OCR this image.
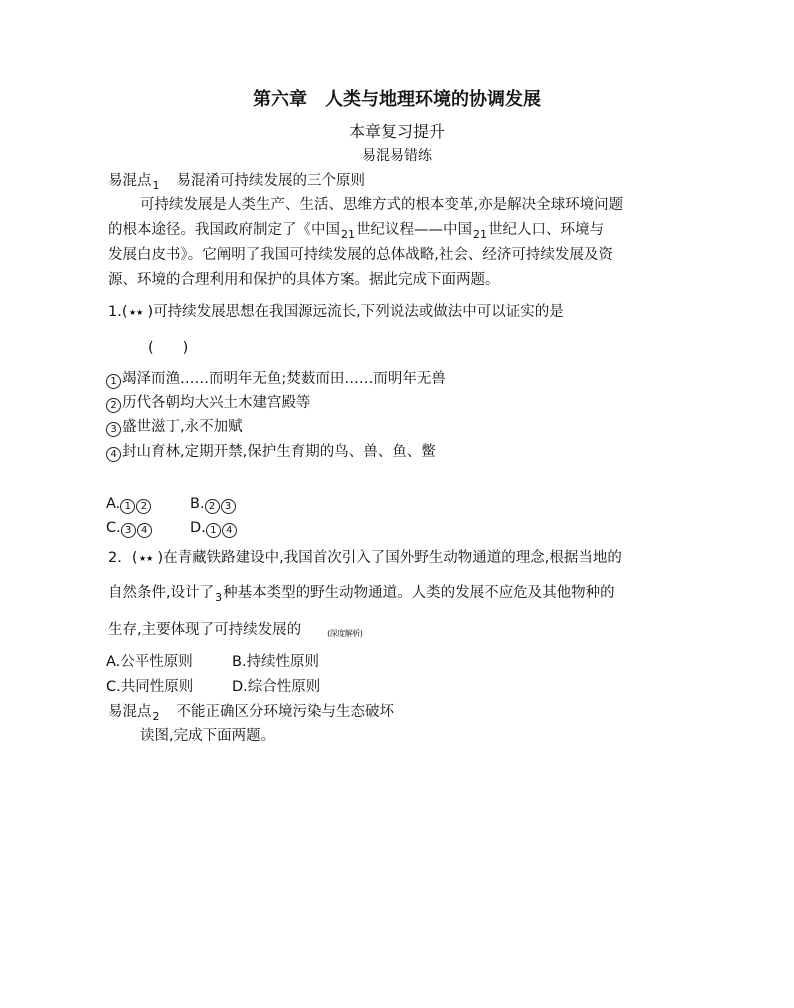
第六章　人类与地理环境的协调发展
本章复习提升
易混易错练
易混点$_1$ 易混淆可持续发展的三个原则
可持续发展是人类生产、生活、思维方式的根本变革,亦是解决全球环境问题
的根本途径。我国政府制定了《中国$_{21}$世纪议程——中国$_{21}$世纪人口、环境与
发展白皮书》。它阐明了我国可持续发展的总体战略,社会、经济可持续发展及资
源、环境的合理利用和保护的具体方案。据此完成下面两题。
1.( ★★ )可持续发展思想在我国源远流长,下列说法或做法中可以证实的是
(　　)
1 竭泽而渔……而明年无鱼;焚薮而田……而明年无兽
2 历代各朝均大兴土木建宫殿等
3 盛世滋丁,永不加赋
4 封山育林,定期开禁,保护生育期的鸟、兽、鱼、鳖
A. 1 2	B. 2 3
C. 3 4	D. 1 4
2. ( ★★ )在青藏铁路建设中,我国首次引入了国外野生动物通道的理念,根据当地的
自然条件,设计了$_3$种基本类型的野生动物通道。人类的发展不应危及其他物种的
生存,主要体现了可持续发展的	(深度解析)
A.公平性原则	B.持续性原则
C.共同性原则	D.综合性原则
易混点$_2$ 不能正确区分环境污染与生态破坏
读图,完成下面两题。
